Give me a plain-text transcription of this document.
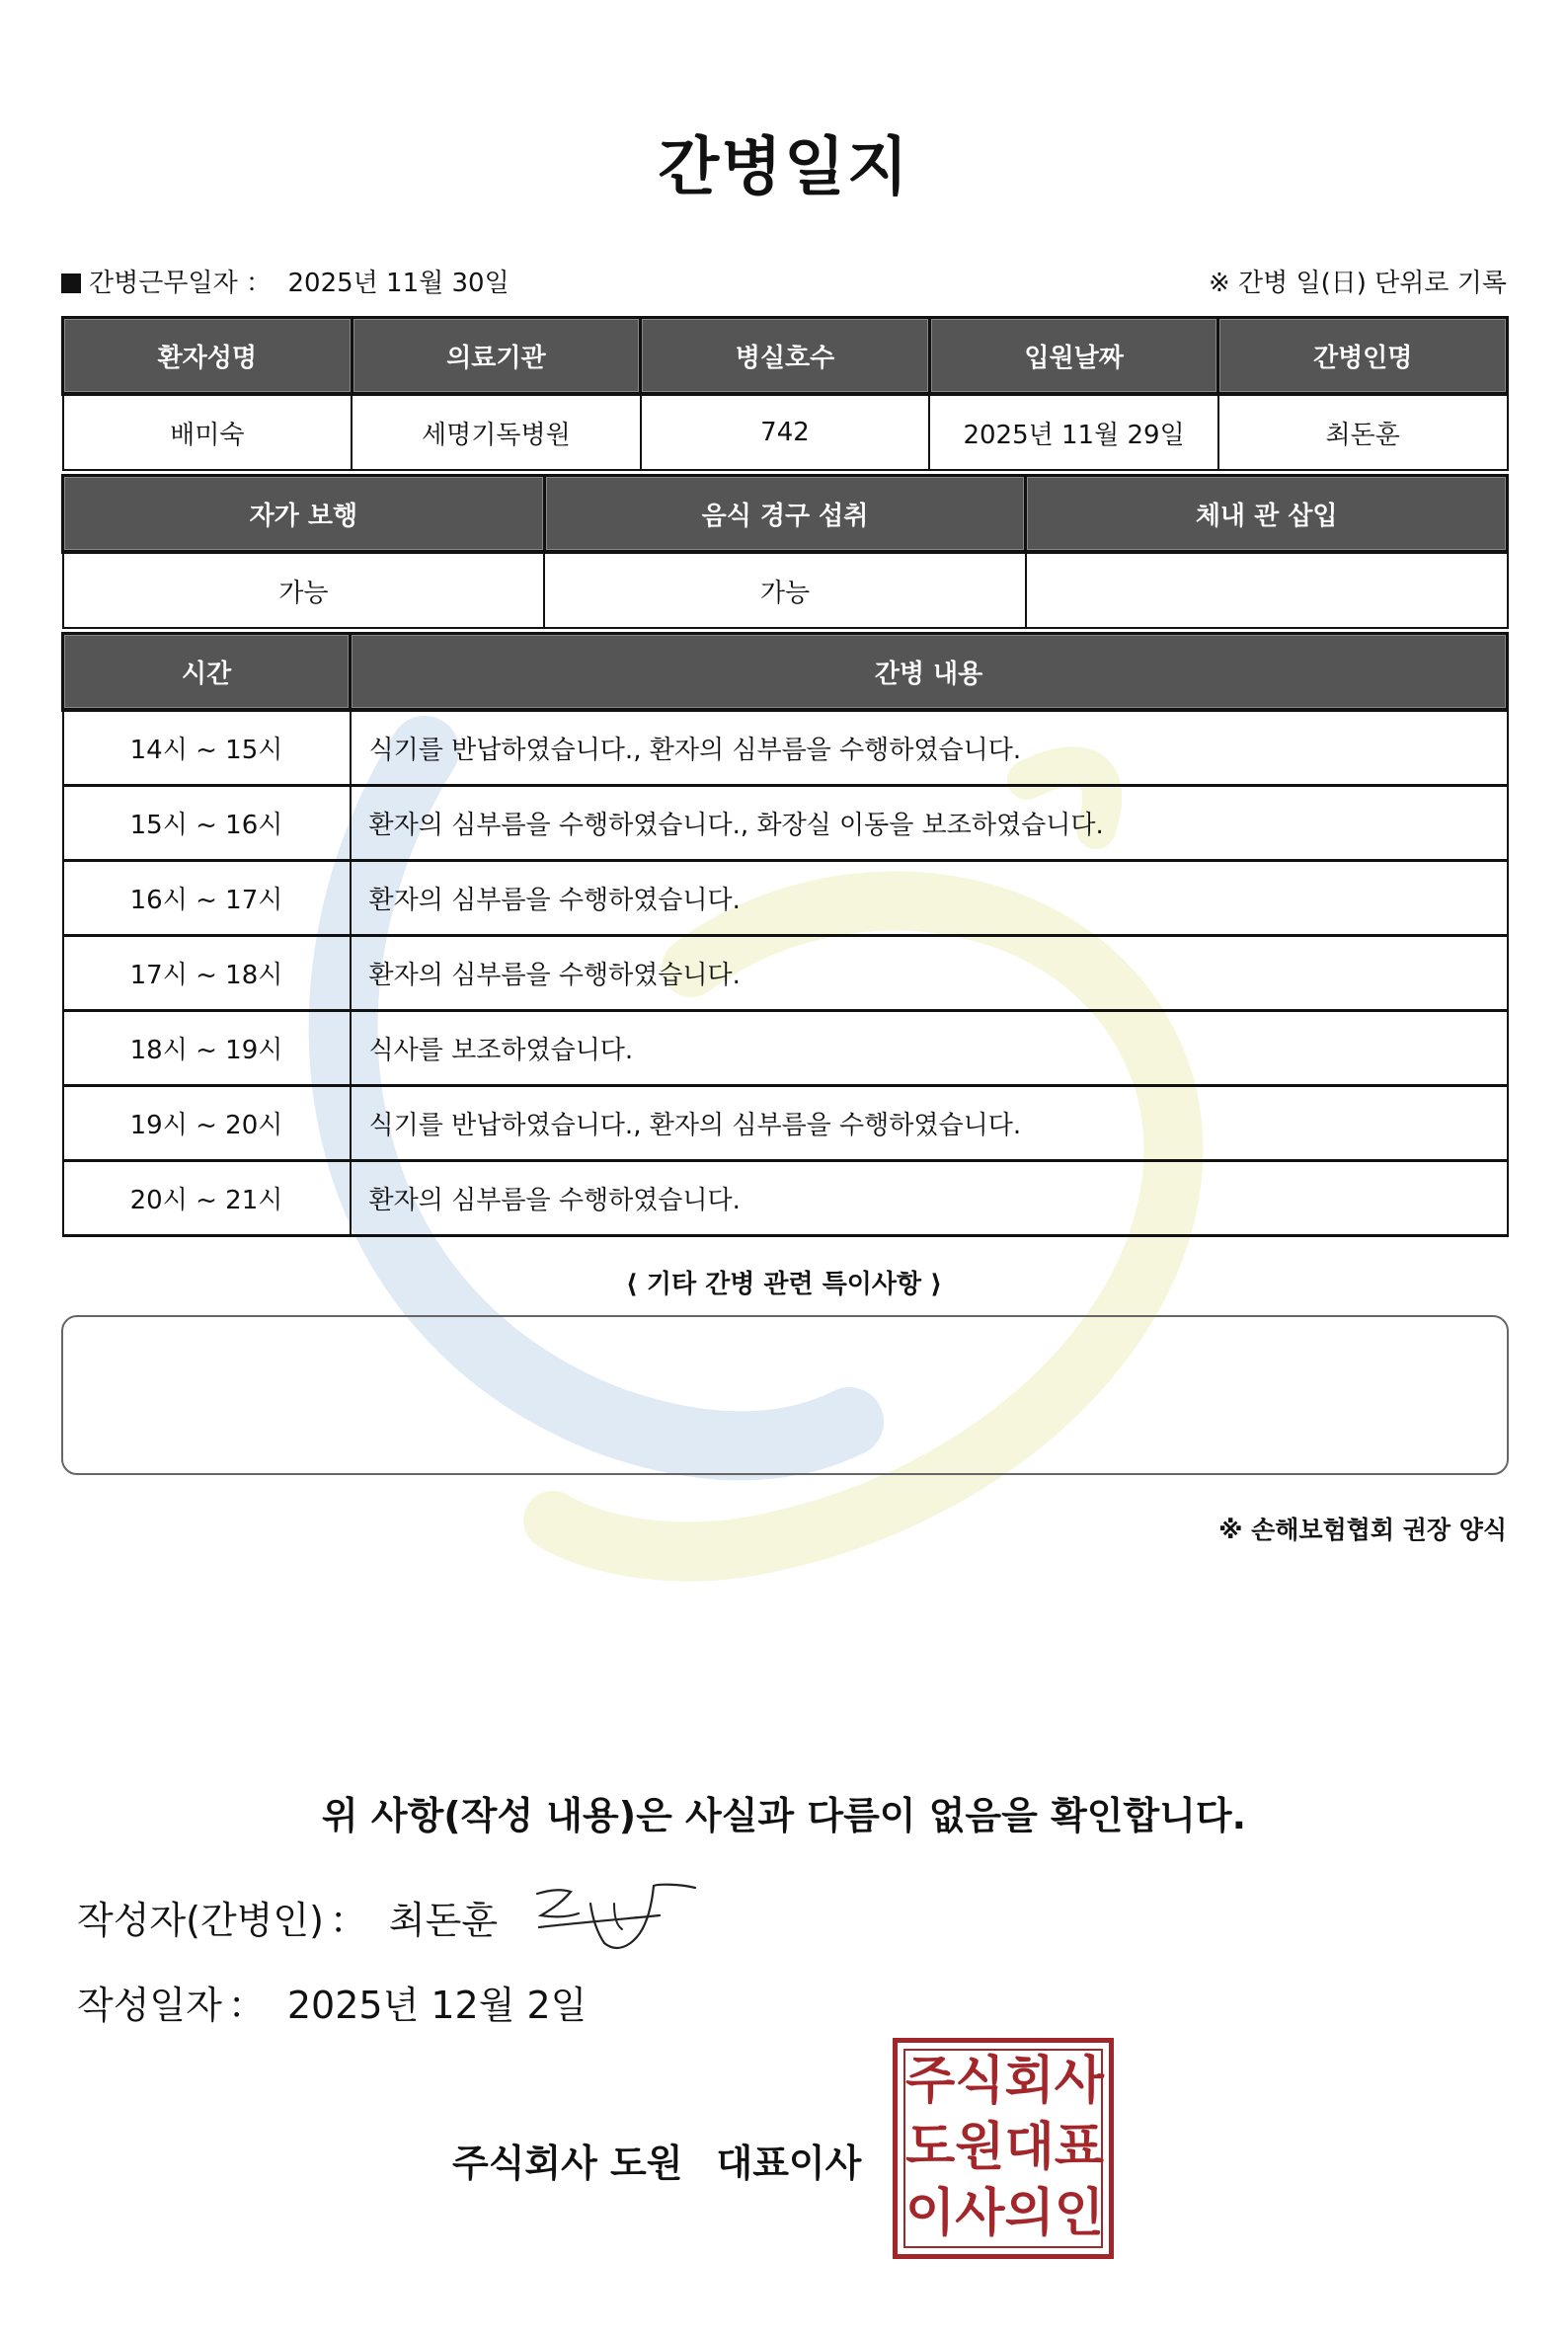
간병일지
간병근무일자 ： 2025년 11월 30일	※ 간병 일(日) 단위로 기록
환자성명	의료기관	병실호수	입원날짜	간병인명
배미숙	세명기독병원	742	2025년 11월 29일	최돈훈
자가 보행	음식 경구 섭취	체내 관 삽입
가능	가능	
시간	간병 내용
14시 ~ 15시	식기를 반납하였습니다., 환자의 심부름을 수행하였습니다.
15시 ~ 16시	환자의 심부름을 수행하였습니다., 화장실 이동을 보조하였습니다.
16시 ~ 17시	환자의 심부름을 수행하였습니다.
17시 ~ 18시	환자의 심부름을 수행하였습니다.
18시 ~ 19시	식사를 보조하였습니다.
19시 ~ 20시	식기를 반납하였습니다., 환자의 심부름을 수행하였습니다.
20시 ~ 21시	환자의 심부름을 수행하였습니다.
⟨ 기타 간병 관련 특이사항 ⟩
※ 손해보험협회 권장 양식
위 사항(작성 내용)은 사실과 다름이 없음을 확인합니다.
작성자(간병인) ： 최돈훈
작성일자 ： 2025년 12월 2일
주식회사 도원 대표이사
주 식 회 사
도 원 대 표
이 사 의 인
